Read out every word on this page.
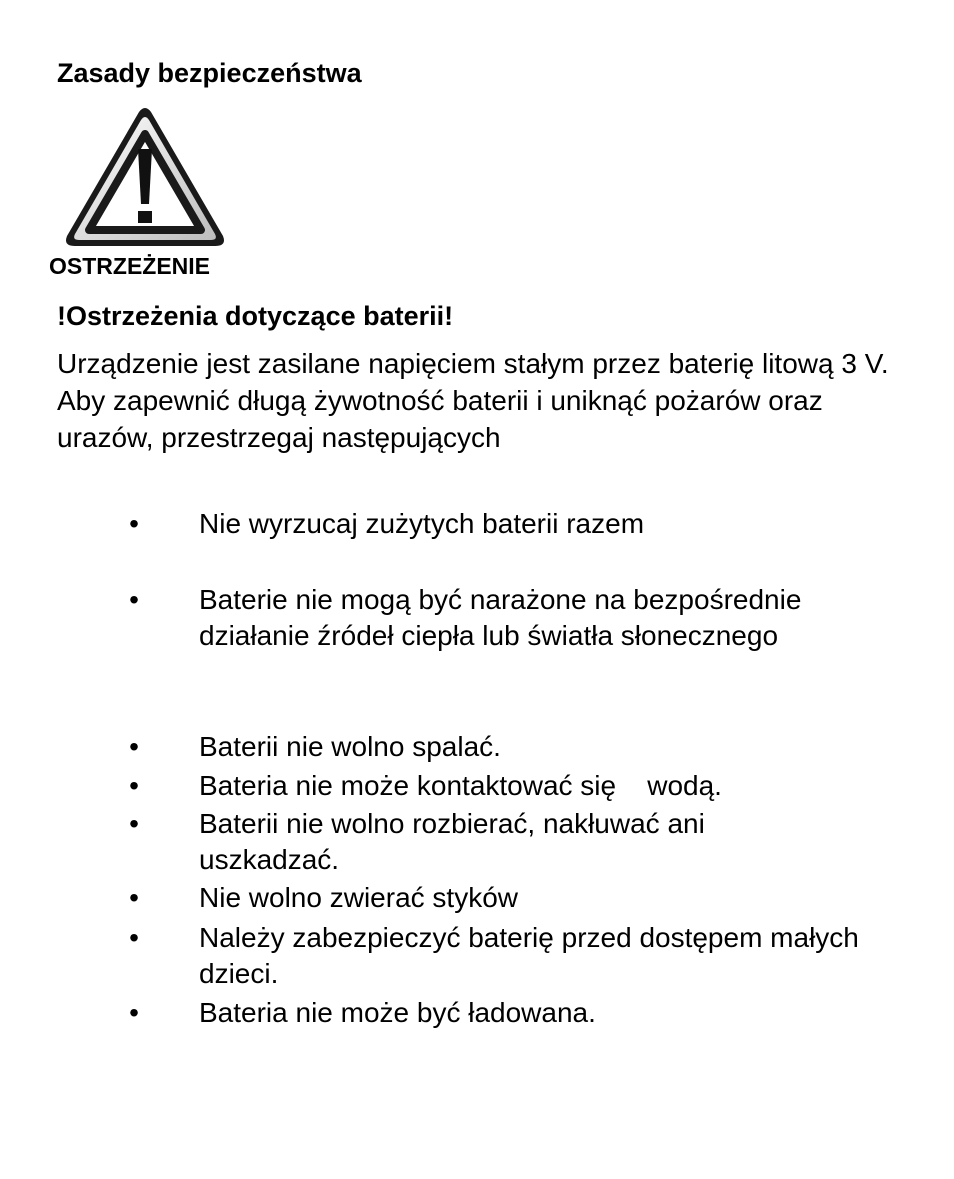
Zasady bezpieczeństwa
OSTRZEŻENIE
!Ostrzeżenia dotyczące baterii!
Urządzenie jest zasilane napięciem stałym przez baterię litową 3 V. Aby zapewnić długą żywotność baterii i uniknąć pożarów oraz urazów, przestrzegaj następujących
• Nie wyrzucaj zużytych baterii razem
• Baterie nie mogą być narażone na bezpośrednie działanie źródeł ciepła lub światła słonecznego
• Baterii nie wolno spalać.
• Bateria nie może kontaktować się    wodą.
• Baterii nie wolno rozbierać, nakłuwać ani uszkadzać.
• Nie wolno zwierać styków
• Należy zabezpieczyć baterię przed dostępem małych dzieci.
• Bateria nie może być ładowana.
